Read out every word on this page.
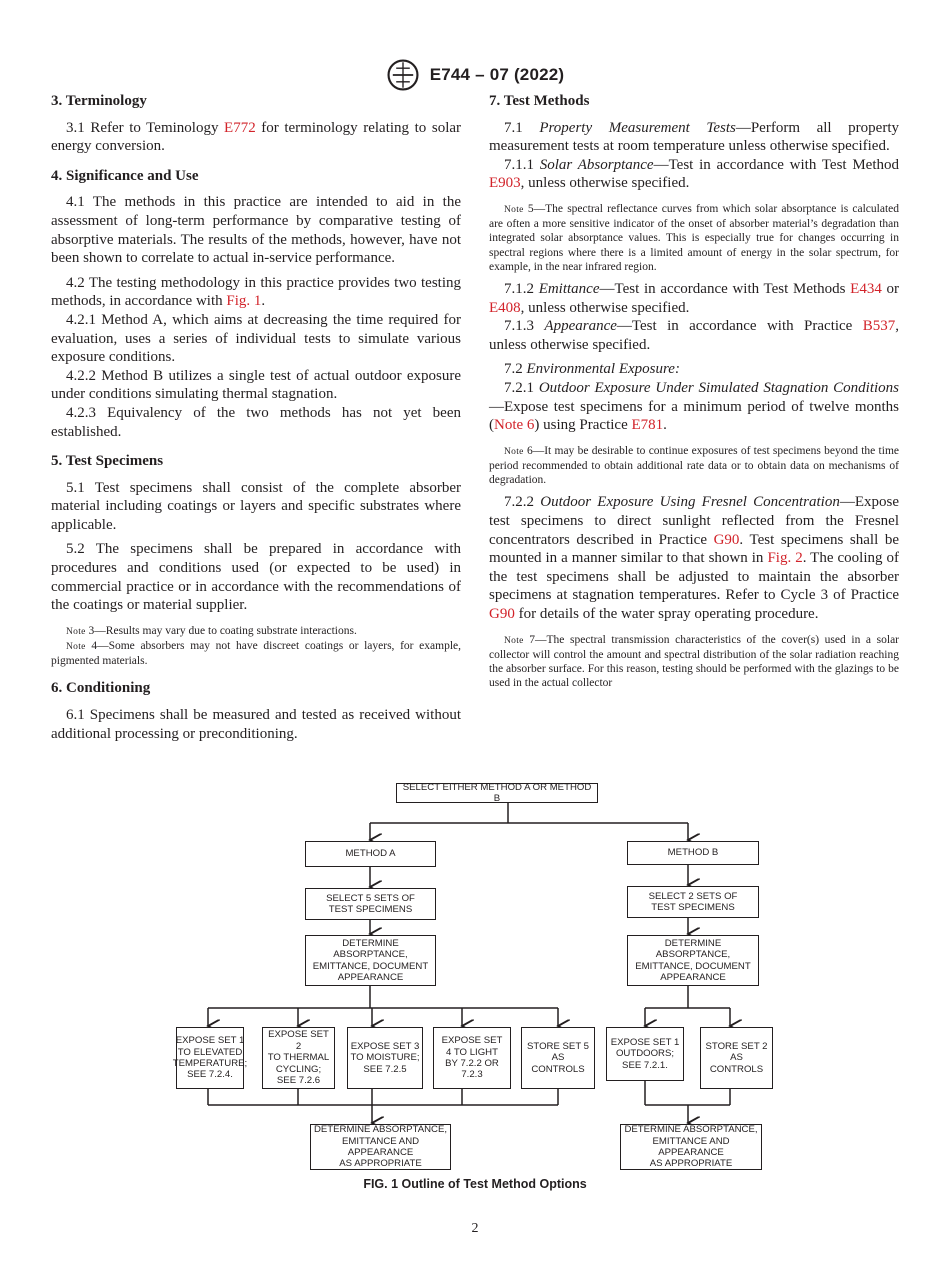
E744 – 07 (2022)
3. Terminology

3.1 Refer to Teminology E772 for terminology relating to solar energy conversion.

4. Significance and Use

4.1 The methods in this practice are intended to aid in the assessment of long-term performance by comparative testing of absorptive materials. The results of the methods, however, have not been shown to correlate to actual in-service performance.

4.2 The testing methodology in this practice provides two testing methods, in accordance with Fig. 1.

4.2.1 Method A, which aims at decreasing the time required for evaluation, uses a series of individual tests to simulate various exposure conditions.

4.2.2 Method B utilizes a single test of actual outdoor exposure under conditions simulating thermal stagnation.

4.2.3 Equivalency of the two methods has not yet been established.

5. Test Specimens

5.1 Test specimens shall consist of the complete absorber material including coatings or layers and specific substrates where applicable.

5.2 The specimens shall be prepared in accordance with procedures and conditions used (or expected to be used) in commercial practice or in accordance with the recommendations of the coatings or material supplier.

Note 3—Results may vary due to coating substrate interactions.

Note 4—Some absorbers may not have discreet coatings or layers, for example, pigmented materials.

6. Conditioning

6.1 Specimens shall be measured and tested as received without additional processing or preconditioning.

7. Test Methods

7.1 Property Measurement Tests—Perform all property measurement tests at room temperature unless otherwise specified.

7.1.1 Solar Absorptance—Test in accordance with Test Method E903, unless otherwise specified.

Note 5—The spectral reflectance curves from which solar absorptance is calculated are often a more sensitive indicator of the onset of absorber material’s degradation than integrated solar absorptance values. This is especially true for changes occurring in spectral regions where there is a limited amount of energy in the solar spectrum, for example, in the near infrared region.

7.1.2 Emittance—Test in accordance with Test Methods E434 or E408, unless otherwise specified.

7.1.3 Appearance—Test in accordance with Practice B537, unless otherwise specified.

7.2 Environmental Exposure:

7.2.1 Outdoor Exposure Under Simulated Stagnation Conditions—Expose test specimens for a minimum period of twelve months (Note 6) using Practice E781.

Note 6—It may be desirable to continue exposures of test specimens beyond the time period recommended to obtain additional rate data or to obtain data on mechanisms of degradation.

7.2.2 Outdoor Exposure Using Fresnel Concentration—Expose test specimens to direct sunlight reflected from the Fresnel concentrators described in Practice G90. Test specimens shall be mounted in a manner similar to that shown in Fig. 2. The cooling of the test specimens shall be adjusted to maintain the absorber specimens at stagnation temperatures. Refer to Cycle 3 of Practice G90 for details of the water spray operating procedure.

Note 7—The spectral transmission characteristics of the cover(s) used in a solar collector will control the amount and spectral distribution of the solar radiation reaching the absorber surface. For this reason, testing should be performed with the glazings to be used in the actual collector

SELECT EITHER METHOD A OR METHOD B
METHOD A	METHOD B
SELECT 5 SETS OF
TEST SPECIMENS
SELECT 2 SETS OF
TEST SPECIMENS
DETERMINE ABSORPTANCE,
EMITTANCE, DOCUMENT
APPEARANCE
DETERMINE ABSORPTANCE,
EMITTANCE, DOCUMENT
APPEARANCE
EXPOSE SET 1
TO ELEVATED
TEMPERATURE;
SEE 7.2.4.
EXPOSE SET 2
TO THERMAL
CYCLING;
SEE 7.2.6
EXPOSE SET 3
TO MOISTURE;
SEE 7.2.5
EXPOSE SET
4 TO LIGHT
BY 7.2.2 OR
7.2.3
STORE SET 5
AS CONTROLS
EXPOSE SET 1
OUTDOORS;
SEE 7.2.1.
STORE SET 2
AS CONTROLS
DETERMINE ABSORPTANCE,
EMITTANCE AND APPEARANCE
AS APPROPRIATE
DETERMINE ABSORPTANCE,
EMITTANCE AND APPEARANCE
AS APPROPRIATE
FIG. 1 Outline of Test Method Options
2
